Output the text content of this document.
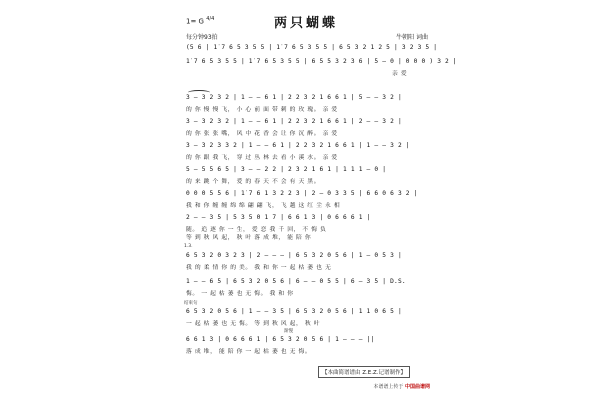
两只蝴蝶
1= G $^{4/4}$
每分钟93拍	牛朝阳 词曲
(5 6 | 1̇ 7 6 5 3 5 5 | 1̇ 7 6 5 3 5 5 | 6 5 3 2 1 2 5 | 3 2 3 5 |
1̇ 7 6 5 3 5 5 | 1̇ 7 6 5 3 5 5 | 6 5 5 3 2 3 6 | 5 – 0 | 0 0 0 ) 3 2 |
亲 爱
3 – 3 2 3 2 | 1 – – 6 1 | 2 2 3 2 1 6 6 1 | 5 – – 3 2 |
的 你 慢 慢 飞， 小 心 前 面 带 刺 的 玫 瑰。 亲 爱
3 – 3 2 3 2 | 1 – – 6 1 | 2 2 3 2 1 6 6 1 | 2 – – 3 2 |
的 你 张 张 嘴， 风 中 花 香 会 让 你 沉 醉。 亲 爱
3 – 3 2 3 3 2 | 1 – – 6 1 | 2 2 3 2 1 6 6 1 | 1 – – 3 2 |
的 你 跟 我 飞， 穿 过 丛 林 去 看 小 溪 水。 亲 爱
5 – 5 5 6 5 | 3 – – 2 2 | 2 3 2 1 6 1 | 1 1 1 – 0 |
的 来 跳 个 舞， 爱 的 春 天 不 会 有 天 黑。
0 0 0 5 5 6 | 1̇ 7 6 1 3 2 2 3 | 2 – 0 3 3 5 | 6 6 0 6 3 2 |
我 和 你 缠 缠 绵 绵 翩 翩 飞， 飞 越 这 红 尘 永 相
2 – – 3 5 | 5 3 5 0 1 7 | 6 6 1 3 | 0 6 6 6 1 |
随。 追 逐 你 一 生， 爱 恋 我 千 回， 不 悔 负
等 到 秋 风 起， 秋 叶 落 成 堆， 能 陪 你
1.3.
6 5 3 2 0 3 2 3 | 2 – – – | 6 5 3 2 0 5 6 | 1 – 0 5 3 |
我 的 柔 情 你 的 美。 我 和 你 一 起 枯 萎 也 无
1 – – 6 5 | 6 5 3 2 0 5 6 | 6 – – 0 5 5 | 6 – 3 5 | D.S.
悔。 一 起 枯 萎 也 无 悔。 我 和 你
结束句
6 5 3 2 0 5 6 | 1 – – 3 5 | 6 5 3 2 0 5 6 | 1 1 0 6 5 |
一 起 枯 萎 也 无 悔。 等 到 秋 风 起， 秋 叶
渐慢
6 6 1 3 | 0 6 6 6 1 | 6 5 3 2 0 5 6 | 1 – – – ||
落 成 堆， 能 陪 你 一 起 枯 萎 也 无 悔。
【本曲简谱谱由 Z.E.Z.记谱制作】
本谱谱上传于 中国曲谱网
